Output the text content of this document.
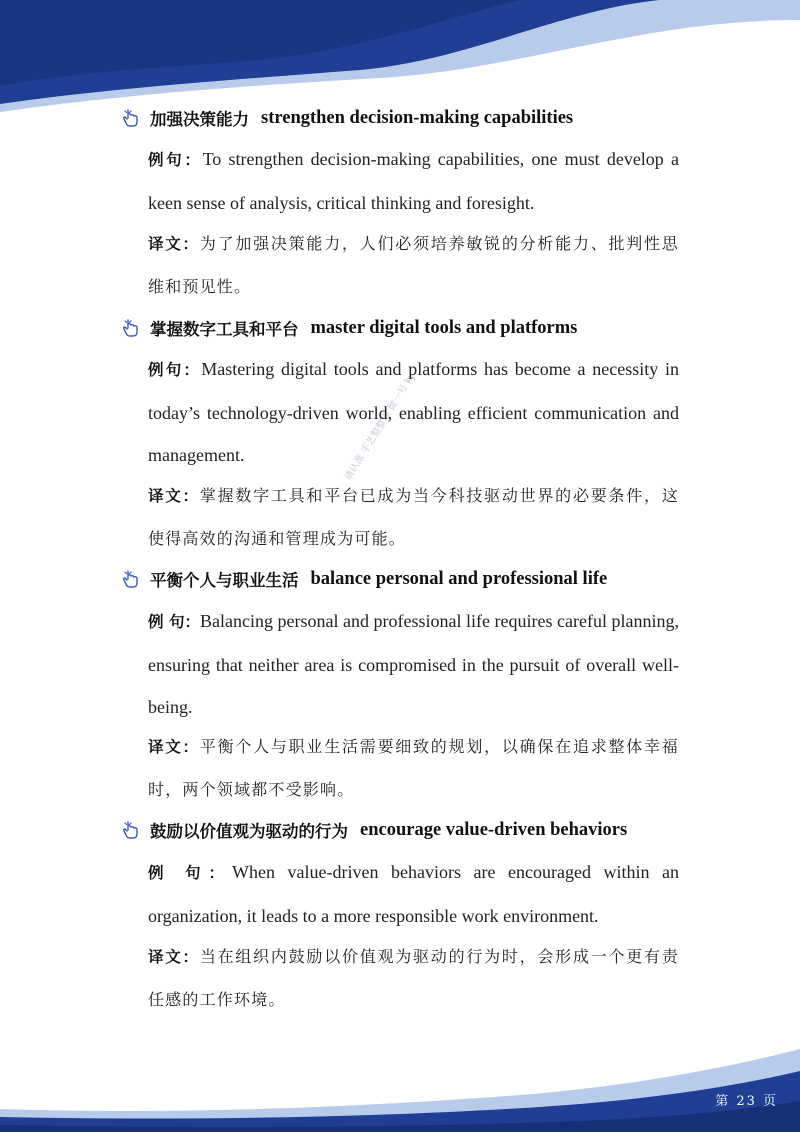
请认准 手艺整整理 微一号 ky
加强决策能力 strengthen decision-making capabilities
例句：To strengthen decision-making capabilities, one must develop a keen sense of analysis, critical thinking and foresight.
译文：为了加强决策能力，人们必须培养敏锐的分析能力、批判性思维和预见性。
掌握数字工具和平台 master digital tools and platforms
例句：Mastering digital tools and platforms has become a necessity in today’s technology-driven world, enabling efficient communication and management.
译文：掌握数字工具和平台已成为当今科技驱动世界的必要条件，这使得高效的沟通和管理成为可能。
平衡个人与职业生活 balance personal and professional life
例 句：Balancing personal and professional life requires careful planning, ensuring that neither area is compromised in the pursuit of overall well-being.
译文：平衡个人与职业生活需要细致的规划，以确保在追求整体幸福时，两个领域都不受影响。
鼓励以价值观为驱动的行为 encourage value-driven behaviors
例 句：When value-driven behaviors are encouraged within an organization, it leads to a more responsible work environment.
译文：当在组织内鼓励以价值观为驱动的行为时，会形成一个更有责任感的工作环境。
第 23 页
